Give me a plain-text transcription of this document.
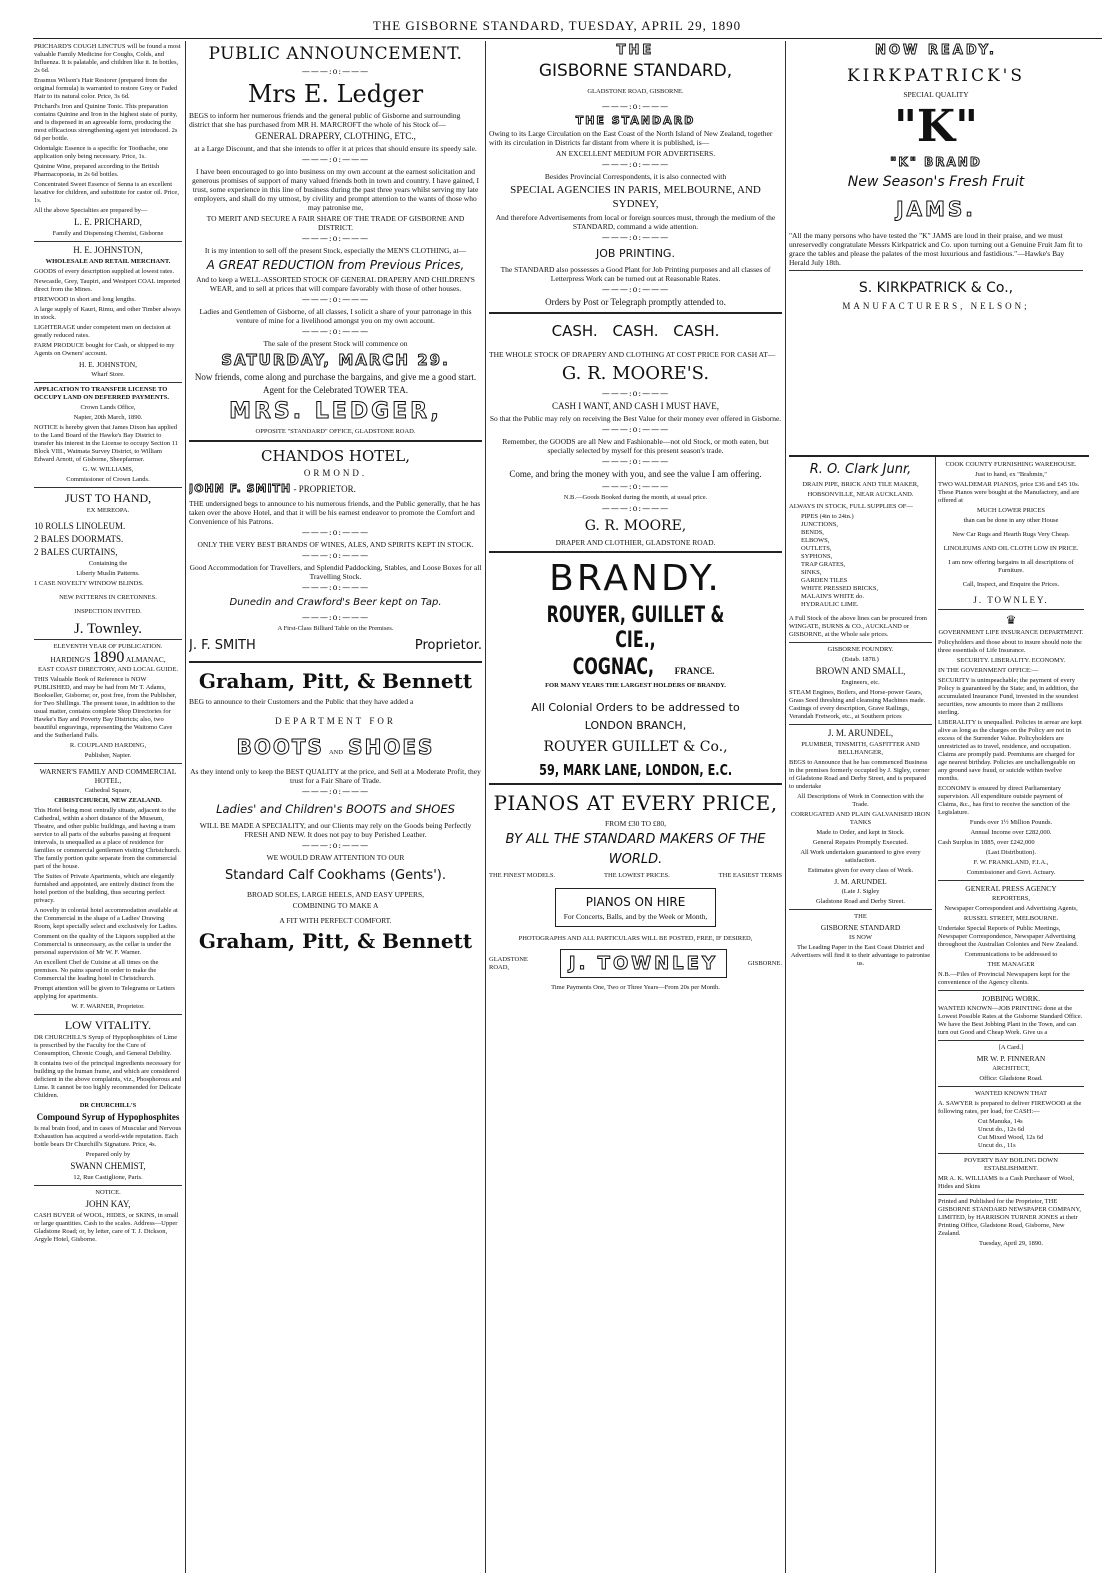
THE GISBORNE STANDARD, TUESDAY, APRIL 29, 1890

PRICHARD'S COUGH LINCTUS will be found a most valuable Family Medicine for Coughs, Colds, and Influenza. It is palatable, and children like it. In bottles, 2s 6d.

Erasmus Wilson's Hair Restorer (prepared from the original formula) is warranted to restore Grey or Faded Hair to its natural color. Price, 3s 6d.

Prichard's Iron and Quinine Tonic. This preparation contains Quinine and Iron in the highest state of purity, and is dispensed in an agreeable form, producing the most efficacious strengthening agent yet introduced. 2s 6d per bottle.

Odontalgic Essence is a specific for Toothache, one application only being necessary. Price, 1s.

Quinine Wine, prepared according to the British Pharmacopoeia, in 2s 6d bottles.

Concentrated Sweet Essence of Senna is an excellent laxative for children, and substitute for castor oil. Price, 1s.

All the above Specialties are prepared by—

L. E. PRICHARD,

Family and Dispensing Chemist, Gisborne

H. E. JOHNSTON,

WHOLESALE AND RETAIL MERCHANT.

GOODS of every description supplied at lowest rates.

Newcastle, Grey, Taupiri, and Westport COAL imported direct from the Mines.

FIREWOOD in short and long lengths.

A large supply of Kauri, Rimu, and other Timber always in stock.

LIGHTERAGE under competent men on decision at greatly reduced rates.

FARM PRODUCE bought for Cash, or shipped to my Agents on Owners' account.

H. E. JOHNSTON,

Wharf Store.

APPLICATION TO TRANSFER LICENSE TO OCCUPY LAND ON DEFERRED PAYMENTS.

Crown Lands Office,

Napier, 20th March, 1890.

NOTICE is hereby given that James Dixon has applied to the Land Board of the Hawke's Bay District to transfer his interest in the License to occupy Section 11 Block VIII., Waimata Survey District, to William Edward Arnott, of Gisborne, Sheepfarmer.

G. W. WILLIAMS,

Commissioner of Crown Lands.

JUST TO HAND,

EX MEREOPA.

10 ROLLS LINOLEUM.

2 BALES DOORMATS.

2 BALES CURTAINS,

Containing the

Liberty Muslin Patterns.

1 CASE NOVELTY WINDOW BLINDS.

NEW PATTERNS IN CRETONNES.

INSPECTION INVITED.

J. Townley.

ELEVENTH YEAR OF PUBLICATION.

HARDING'S 1890 ALMANAC,

EAST COAST DIRECTORY, AND LOCAL GUIDE.

THIS Valuable Book of Reference is NOW PUBLISHED, and may be had from Mr T. Adams, Bookseller, Gisborne; or, post free, from the Publisher, for Two Shillings. The present issue, in addition to the usual matter, contains complete Shop Directories for Hawke's Bay and Poverty Bay Districts; also, two beautiful engravings, representing the Waitomo Cave and the Sutherland Falls.

R. COUPLAND HARDING,

Publisher, Napier.

WARNER'S FAMILY AND COMMERCIAL HOTEL,

Cathedral Square,

CHRISTCHURCH, NEW ZEALAND.

This Hotel being most centrally situate, adjacent to the Cathedral, within a short distance of the Museum, Theatre, and other public buildings, and having a tram service to all parts of the suburbs passing at frequent intervals, is unequalled as a place of residence for families or commercial gentlemen visiting Christchurch. The family portion quite separate from the commercial part of the house.

The Suites of Private Apartments, which are elegantly furnished and appointed, are entirely distinct from the hotel portion of the building, thus securing perfect privacy.

A novelty in colonial hotel accommodation available at the Commercial in the shape of a Ladies' Drawing Room, kept specially select and exclusively for Ladies.

Comment on the quality of the Liquors supplied at the Commercial is unnecessary, as the cellar is under the personal supervision of Mr W. F. Warner.

An excellent Chef de Cuisine at all times on the premises. No pains spared in order to make the Commercial the leading hotel in Christchurch.

Prompt attention will be given to Telegrams or Letters applying for apartments.

W. F. WARNER, Proprietor.

LOW VITALITY.

DR CHURCHILL'S Syrup of Hypophosphites of Lime is prescribed by the Faculty for the Cure of Consumption, Chronic Cough, and General Debility.

It contains two of the principal ingredients necessary for building up the human frame, and which are considered deficient in the above complaints, viz., Phosphorous and Lime. It cannot be too highly recommended for Delicate Children.

DR CHURCHILL'S

Compound Syrup of Hypophosphites

Is real brain food, and in cases of Muscular and Nervous Exhaustion has acquired a world-wide reputation. Each bottle bears Dr Churchill's Signature. Price, 4s.

Prepared only by

SWANN CHEMIST,

12, Rue Castiglione, Paris.

NOTICE.

JOHN KAY,

CASH BUYER of WOOL, HIDES, or SKINS, in small or large quantities. Cash to the scales. Address—Upper Gladstone Road; or, by letter, care of T. J. Dickson, Argyle Hotel, Gisborne.

PUBLIC ANNOUNCEMENT.

———:o:———

Mrs E. Ledger

BEGS to inform her numerous friends and the general public of Gisborne and surrounding district that she has purchased from MR H. MARCROFT the whole of his Stock of—

GENERAL DRAPERY, CLOTHING, ETC.,

at a Large Discount, and that she intends to offer it at prices that should ensure its speedy sale.

———:o:———

I have been encouraged to go into business on my own account at the earnest solicitation and generous promises of support of many valued friends both in town and country. I have gained, I trust, some experience in this line of business during the past three years whilst serving my late employers, and shall do my utmost, by civility and prompt attention to the wants of those who may patronise me,

TO MERIT AND SECURE A FAIR SHARE OF THE TRADE OF GISBORNE AND DISTRICT.

———:o:———

It is my intention to sell off the present Stock, especially the MEN'S CLOTHING, at—

A GREAT REDUCTION from Previous Prices,

And to keep a WELL-ASSORTED STOCK OF GENERAL DRAPERY AND CHILDREN'S WEAR, and to sell at prices that will compare favorably with those of other houses.

———:o:———

Ladies and Gentlemen of Gisborne, of all classes, I solicit a share of your patronage in this venture of mine for a livelihood amongst you on my own account.

———:o:———

The sale of the present Stock will commence on

SATURDAY, MARCH 29.

Now friends, come along and purchase the bargains, and give me a good start.

Agent for the Celebrated TOWER TEA.

MRS. LEDGER,

OPPOSITE "STANDARD" OFFICE, GLADSTONE ROAD.

CHANDOS HOTEL,

ORMOND.

JOHN F. SMITH - PROPRIETOR.

THE undersigned begs to announce to his numerous friends, and the Public generally, that he has taken over the above Hotel, and that it will be his earnest endeavor to promote the Comfort and Convenience of his Patrons.

———:o:———

ONLY THE VERY BEST BRANDS OF WINES, ALES, AND SPIRITS KEPT IN STOCK.

———:o:———

Good Accommodation for Travellers, and Splendid Paddocking, Stables, and Loose Boxes for all Travelling Stock.

———:o:———

Dunedin and Crawford's Beer kept on Tap.

———:o:———

A First-Class Billiard Table on the Premises.

J. F. SMITH	Proprietor.

Graham, Pitt, & Bennett

BEG to announce to their Customers and the Public that they have added a

DEPARTMENT FOR

BOOTS AND SHOES

As they intend only to keep the BEST QUALITY at the price, and Sell at a Moderate Profit, they trust for a Fair Share of Trade.

———:o:———

Ladies' and Children's BOOTS and SHOES

WILL BE MADE A SPECIALITY, and our Clients may rely on the Goods being Perfectly FRESH AND NEW. It does not pay to buy Perished Leather.

———:o:———

WE WOULD DRAW ATTENTION TO OUR

Standard Calf Cookhams (Gents').

BROAD SOLES, LARGE HEELS, AND EASY UPPERS,

COMBINING TO MAKE A

A FIT WITH PERFECT COMFORT.

Graham, Pitt, & Bennett

THE

GISBORNE STANDARD,

GLADSTONE ROAD, GISBORNE.

———:o:———

THE STANDARD

Owing to its Large Circulation on the East Coast of the North Island of New Zealand, together with its circulation in Districts far distant from where it is published, is—

AN EXCELLENT MEDIUM FOR ADVERTISERS.

———:o:———

Besides Provincial Correspondents, it is also connected with

SPECIAL AGENCIES IN PARIS, MELBOURNE, AND SYDNEY,

And therefore Advertisements from local or foreign sources must, through the medium of the STANDARD, command a wide attention.

———:o:———

JOB PRINTING.

The STANDARD also possesses a Good Plant for Job Printing purposes and all classes of Letterpress Work can be turned out at Reasonable Rates.

———:o:———

Orders by Post or Telegraph promptly attended to.

CASH. CASH. CASH.

THE WHOLE STOCK OF DRAPERY AND CLOTHING AT COST PRICE FOR CASH AT—

G. R. MOORE'S.

———:o:———

CASH I WANT, AND CASH I MUST HAVE,

So that the Public may rely on receiving the Best Value for their money ever offered in Gisborne.

———:o:———

Remember, the GOODS are all New and Fashionable—not old Stock, or moth eaten, but specially selected by myself for this present season's trade.

———:o:———

Come, and bring the money with you, and see the value I am offering.

———:o:———

N.B.—Goods Booked during the month, at usual price.

———:o:———

G. R. MOORE,

DRAPER AND CLOTHIER, GLADSTONE ROAD.

BRANDY.

ROUYER, GUILLET & CIE.,

COGNAC, FRANCE.

FOR MANY YEARS THE LARGEST HOLDERS OF BRANDY.

All Colonial Orders to be addressed to

LONDON BRANCH,

ROUYER GUILLET & Co.,

59, MARK LANE, LONDON, E.C.

PIANOS AT EVERY PRICE,

FROM £30 TO £80,

BY ALL THE STANDARD MAKERS OF THE WORLD.

THE FINEST MODELS.	THE LOWEST PRICES.	THE EASIEST TERMS

PIANOS ON HIRE

For Concerts, Balls, and by the Week or Month,

PHOTOGRAPHS AND ALL PARTICULARS WILL BE POSTED, FREE, IF DESIRED,

GLADSTONE ROAD,	J. TOWNLEY	GISBORNE.

Time Payments One, Two or Three Years—From 20s per Month.

NOW READY.

KIRKPATRICK'S

SPECIAL QUALITY

"K"

"K" BRAND

New Season's Fresh Fruit

JAMS.

"All the many persons who have tested the "K" JAMS are loud in their praise, and we must unreservedly congratulate Messrs Kirkpatrick and Co. upon turning out a Genuine Fruit Jam fit to grace the tables and please the palates of the most luxurious and fastidious."—Hawke's Bay Herald July 18th.

S. KIRKPATRICK & Co.,

MANUFACTURERS, NELSON;

R. O. Clark Junr,

DRAIN PIPE, BRICK AND TILE MAKER,

HOBSONVILLE, NEAR AUCKLAND.

ALWAYS IN STOCK, FULL SUPPLIES OF—

PIPES (4in to 24in.)

JUNCTIONS,

BENDS,

ELBOWS,

OUTLETS,

SYPHONS,

TRAP GRATES,

SINKS,

GARDEN TILES

WHITE PRESSED BRICKS,

MALAIN'S WHITE do.

HYDRAULIC LIME.

A Full Stock of the above lines can be procured from WINGATE, BURNS & CO., AUCKLAND or GISBORNE, at the Whole sale prices.

GISBORNE FOUNDRY.

(Estab. 1878.)

BROWN AND SMALL,

Engineers, etc.

STEAM Engines, Boilers, and Horse-power Gears, Grass Seed threshing and cleansing Machines made. Castings of every description, Grave Railings, Verandah Fretwork, etc., at Southern prices

J. M. ARUNDEL,

PLUMBER, TINSMITH, GASFITTER AND BELLHANGER,

BEGS to Announce that he has commenced Business in the premises formerly occupied by J. Sigley, corner of Gladstone Road and Derby Street, and is prepared to undertake

All Descriptions of Work in Connection with the Trade.

CORRUGATED AND PLAIN GALVANISED IRON TANKS

Made to Order, and kept in Stock.

General Repairs Promptly Executed.

All Work undertaken guaranteed to give every satisfaction.

Estimates given for every class of Work.

J. M. ARUNDEL

(Late J. Sigley

Gladstone Road and Derby Street.

THE

GISBORNE STANDARD

IS NOW

The Leading Paper in the East Coast District and Advertisers will find it to their advantage to patronise us.

COOK COUNTY FURNISHING WAREHOUSE.

Just to hand, ex "Brahmin,"

TWO WALDEMAR PIANOS, price £36 and £45 10s. These Pianos were bought at the Manufactory, and are offered at

MUCH LOWER PRICES

than can be done in any other House

New Car Rugs and Hearth Rugs Very Cheap.

LINOLEUMS AND OIL CLOTH LOW IN PRICE.

I am now offering bargains in all descriptions of Furniture.

Call, Inspect, and Enquire the Prices.

J. TOWNLEY.

♛

GOVERNMENT LIFE INSURANCE DEPARTMENT.

Policyholders and those about to insure should note the three essentials of Life Insurance.

SECURITY. LIBERALITY. ECONOMY.

IN THE GOVERNMENT OFFICE:—

SECURITY is unimpeachable; the payment of every Policy is guaranteed by the State; and, in addition, the accumulated Insurance Fund, invested in the soundest securities, now amounts to more than 2 millions sterling.

LIBERALITY is unequalled. Policies in arrear are kept alive as long as the charges on the Policy are not in excess of the Surrender Value. Policyholders are unrestricted as to travel, residence, and occupation. Claims are promptly paid. Premiums are charged for age nearest birthday. Policies are unchallengeable on any ground save fraud, or suicide within twelve months.

ECONOMY is ensured by direct Parliamentary supervision. All expenditure outside payment of Claims, &c., has first to receive the sanction of the Legislature.

Funds over 1½ Million Pounds.

Annual Income over £282,000.

Cash Surplus in 1885, over £242,000

(Last Distribution).

F. W. FRANKLAND, F.I.A.,

Commissioner and Govt. Actuary.

GENERAL PRESS AGENCY

REPORTERS,

Newspaper Correspondent and Advertising Agents,

RUSSEL STREET, MELBOURNE.

Undertake Special Reports of Public Meetings, Newspaper Correspondence, Newspaper Advertising throughout the Australian Colonies and New Zealand.

Communications to be addressed to

THE MANAGER

N.B.—Files of Provincial Newspapers kept for the convenience of the Agency clients.

JOBBING WORK.

WANTED KNOWN—JOB PRINTING done at the Lowest Possible Rates at the Gisborne Standard Office. We have the Best Jobbing Plant in the Town, and can turn out Good and Cheap Work. Give us a

[A Card.]

MR W. P. FINNERAN

ARCHITECT,

Office: Gladstone Road.

WANTED KNOWN THAT

A. SAWYER is prepared to deliver FIREWOOD at the following rates, per load, for CASH:—

Cut Manuka, 14s

Uncut do., 12s 6d

Cut Mixed Wood, 12s 6d

Uncut do., 11s

POVERTY BAY BOILING DOWN ESTABLISHMENT.

MR A. K. WILLIAMS is a Cash Purchaser of Wool, Hides and Skins

Printed and Published for the Proprietor, THE GISBORNE STANDARD NEWSPAPER COMPANY, LIMITED, by HARRISON TURNER JONES at their Printing Office, Gladstone Road, Gisborne, New Zealand.

Tuesday, April 29, 1890.
